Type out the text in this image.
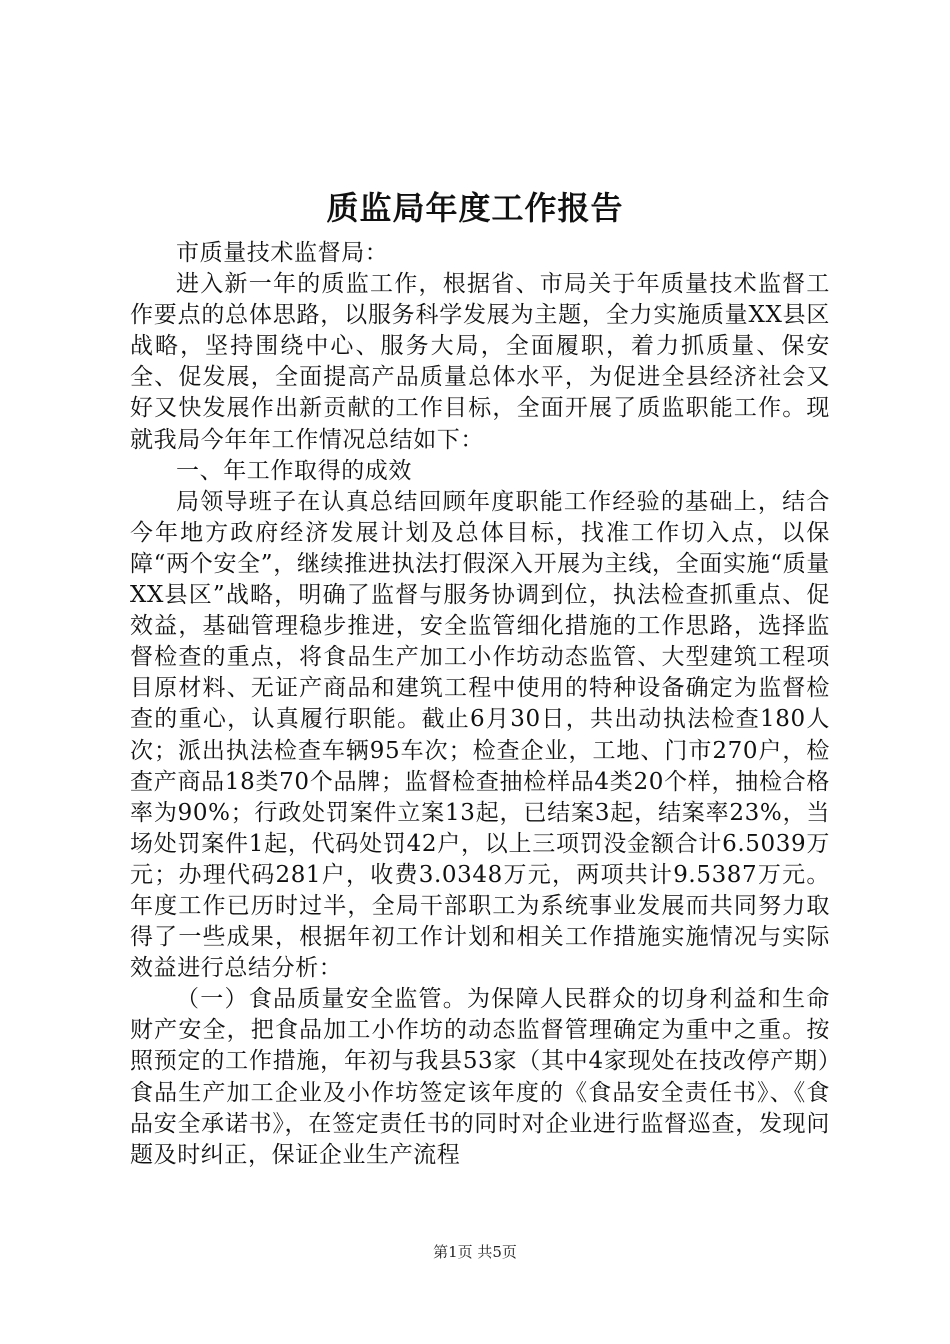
质监局年度工作报告

市质量技术监督局：

进入新一年的质监工作，根据省、市局关于年质量技术监督工作要点的总体思路，以服务科学发展为主题，全力实施质量XX县区战略，坚持围绕中心、服务大局，全面履职，着力抓质量、保安全、促发展，全面提高产品质量总体水平，为促进全县经济社会又好又快发展作出新贡献的工作目标，全面开展了质监职能工作。现就我局今年年工作情况总结如下：

一、年工作取得的成效

局领导班子在认真总结回顾年度职能工作经验的基础上，结合今年地方政府经济发展计划及总体目标，找准工作切入点，以保障“两个安全”，继续推进执法打假深入开展为主线，全面实施“质量XX县区”战略，明确了监督与服务协调到位，执法检查抓重点、促效益，基础管理稳步推进，安全监管细化措施的工作思路，选择监督检查的重点，将食品生产加工小作坊动态监管、大型建筑工程项目原材料、无证产商品和建筑工程中使用的特种设备确定为监督检查的重心，认真履行职能。截止6月30日，共出动执法检查180人次；派出执法检查车辆95车次；检查企业，工地、门市270户，检查产商品18类70个品牌；监督检查抽检样品4类20个样，抽检合格率为90%；行政处罚案件立案13起，已结案3起，结案率23%，当场处罚案件1起，代码处罚42户，以上三项罚没金额合计6.5039万元；办理代码281户，收费3.0348万元，两项共计9.5387万元。年度工作已历时过半，全局干部职工为系统事业发展而共同努力取得了一些成果，根据年初工作计划和相关工作措施实施情况与实际效益进行总结分析：

（一）食品质量安全监管。为保障人民群众的切身利益和生命财产安全，把食品加工小作坊的动态监督管理确定为重中之重。按照预定的工作措施，年初与我县53家（其中4家现处在技改停产期）食品生产加工企业及小作坊签定该年度的《食品安全责任书》、《食品安全承诺书》，在签定责任书的同时对企业进行监督巡查，发现问题及时纠正，保证企业生产流程

第1页 共5页
